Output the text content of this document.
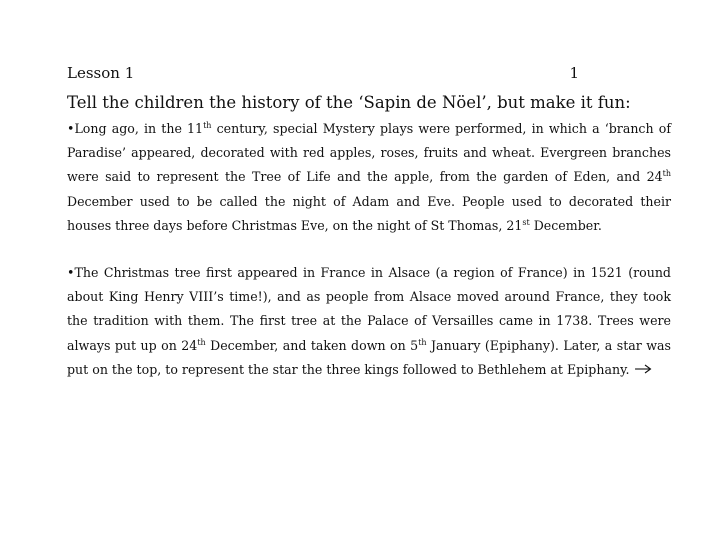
Lesson 1	1
Tell the children the history of the ‘Sapin de Nöel’, but make it fun:
•Long ago, in the 11th century, special Mystery plays were performed, in which a ‘branch of Paradise’ appeared, decorated with red apples, roses, fruits and wheat. Evergreen branches were said to represent the Tree of Life and the apple, from the garden of Eden, and 24th December used to be called the night of Adam and Eve. People used to decorated their houses three days before Christmas Eve, on the night of St Thomas, 21st December.
•The Christmas tree first appeared in France in Alsace (a region of France) in 1521 (round about King Henry VIII’s time!), and as people from Alsace moved around France, they took the tradition with them. The first tree at the Palace of Versailles came in 1738. Trees were always put up on 24th December, and taken down on 5th January (Epiphany). Later, a star was put on the top, to represent the star the three kings followed to Bethlehem at Epiphany.
